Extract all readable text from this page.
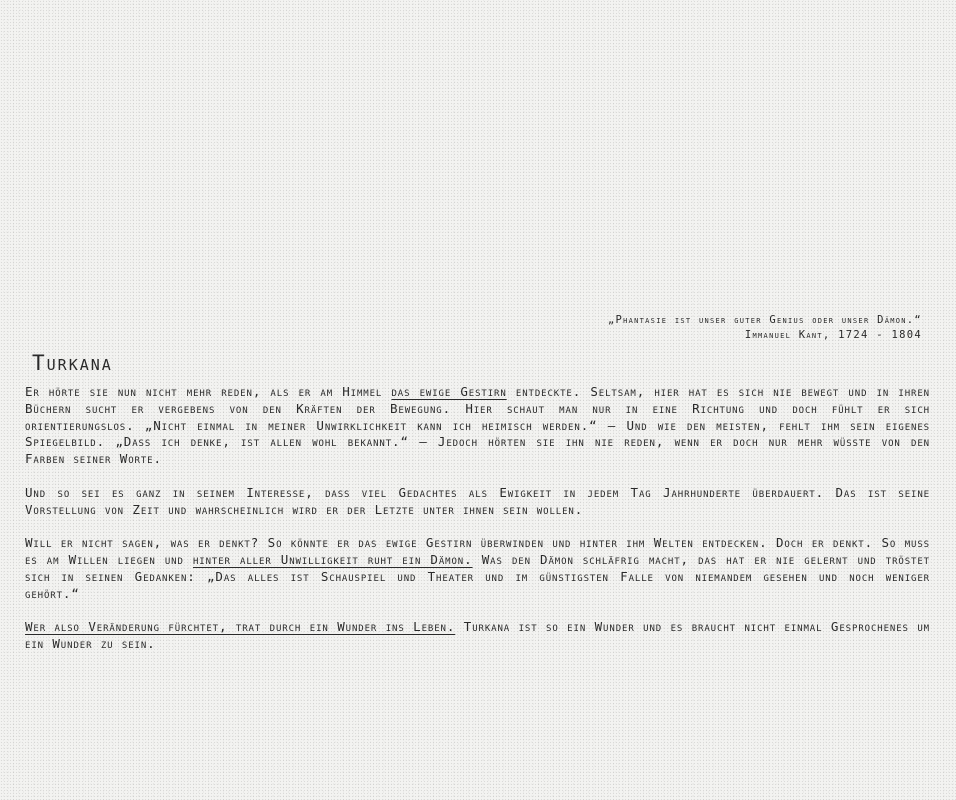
„Phantasie ist unser guter Genius oder unser Dämon.“
Immanuel Kant, 1724 - 1804
Turkana

Er hörte sie nun nicht mehr reden, als er am Himmel das ewige Gestirn entdeckte. Seltsam, hier hat es sich nie bewegt und in ihren Büchern sucht er vergebens von den Kräften der Bewegung. Hier schaut man nur in eine Richtung und doch fühlt er sich orientierungslos. „Nicht einmal in meiner Unwirklichkeit kann ich heimisch werden.“ – Und wie den meisten, fehlt ihm sein eigenes Spiegelbild. „Dass ich denke, ist allen wohl bekannt.“ – Jedoch hörten sie ihn nie reden, wenn er doch nur mehr wüsste von den Farben seiner Worte.

Und so sei es ganz in seinem Interesse, dass viel Gedachtes als Ewigkeit in jedem Tag Jahrhunderte überdauert. Das ist seine Vorstellung von Zeit und wahrscheinlich wird er der Letzte unter ihnen sein wollen.

Will er nicht sagen, was er denkt? So könnte er das ewige Gestirn überwinden und hinter ihm Welten entdecken. Doch er denkt. So muss es am Willen liegen und hinter aller Unwilligkeit ruht ein Dämon. Was den Dämon schläfrig macht, das hat er nie gelernt und tröstet sich in seinen Gedanken: „Das alles ist Schauspiel und Theater und im günstigsten Falle von niemandem gesehen und noch weniger gehört.“

Wer also Veränderung fürchtet, trat durch ein Wunder ins Leben. Turkana ist so ein Wunder und es braucht nicht einmal Gesprochenes um ein Wunder zu sein.
